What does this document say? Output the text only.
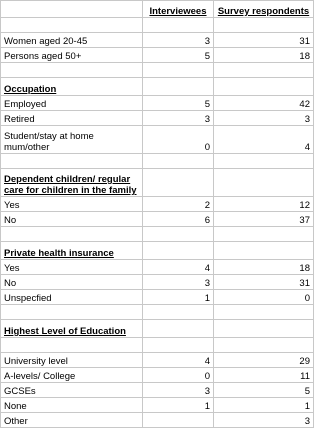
	Interviewees	Survey respondents

Women aged 20-45	3	31
Persons aged 50+	5	18

Occupation		
Employed	5	42
Retired	3	3
Student/stay at home mum/other	0	4

Dependent children/ regular care for children in the family		
Yes	2	12
No	6	37

Private health insurance		
Yes	4	18
No	3	31
Unspecfied	1	0

Highest Level of Education		

University level	4	29
A-levels/ College	0	11
GCSEs	3	5
None	1	1
Other		3
